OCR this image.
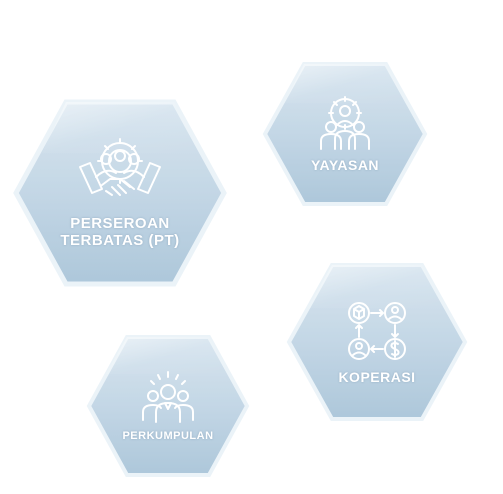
PERSEROAN
TERBATAS (PT)
YAYASAN
KOPERASI
PERKUMPULAN
